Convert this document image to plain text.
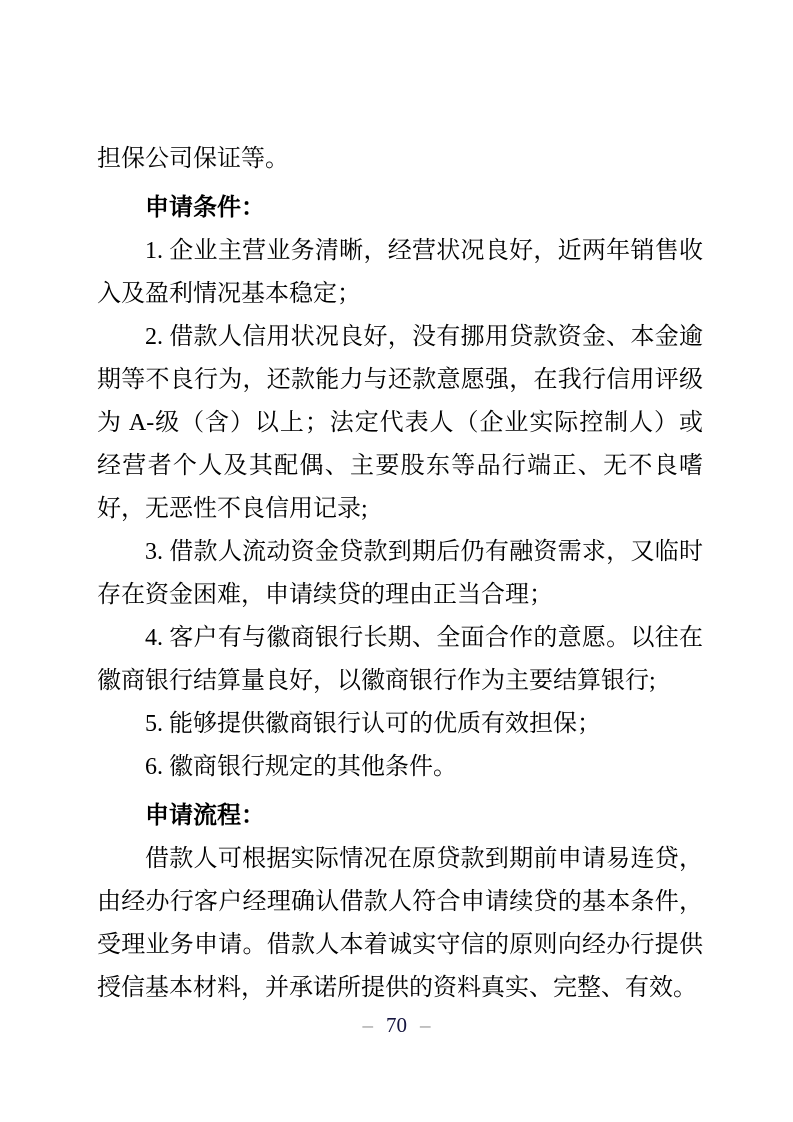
担保公司保证等。

申请条件：

1. 企业主营业务清晰，经营状况良好，近两年销售收入及盈利情况基本稳定；

2. 借款人信用状况良好，没有挪用贷款资金、本金逾期等不良行为，还款能力与还款意愿强，在我行信用评级为 A-级（含）以上；法定代表人（企业实际控制人）或经营者个人及其配偶、主要股东等品行端正、无不良嗜好，无恶性不良信用记录;

3. 借款人流动资金贷款到期后仍有融资需求，又临时存在资金困难，申请续贷的理由正当合理；

4. 客户有与徽商银行长期、全面合作的意愿。以往在徽商银行结算量良好，以徽商银行作为主要结算银行;

5. 能够提供徽商银行认可的优质有效担保；

6. 徽商银行规定的其他条件。

申请流程：

借款人可根据实际情况在原贷款到期前申请易连贷，由经办行客户经理确认借款人符合申请续贷的基本条件，受理业务申请。借款人本着诚实守信的原则向经办行提供授信基本材料，并承诺所提供的资料真实、完整、有效。

– 70 –
